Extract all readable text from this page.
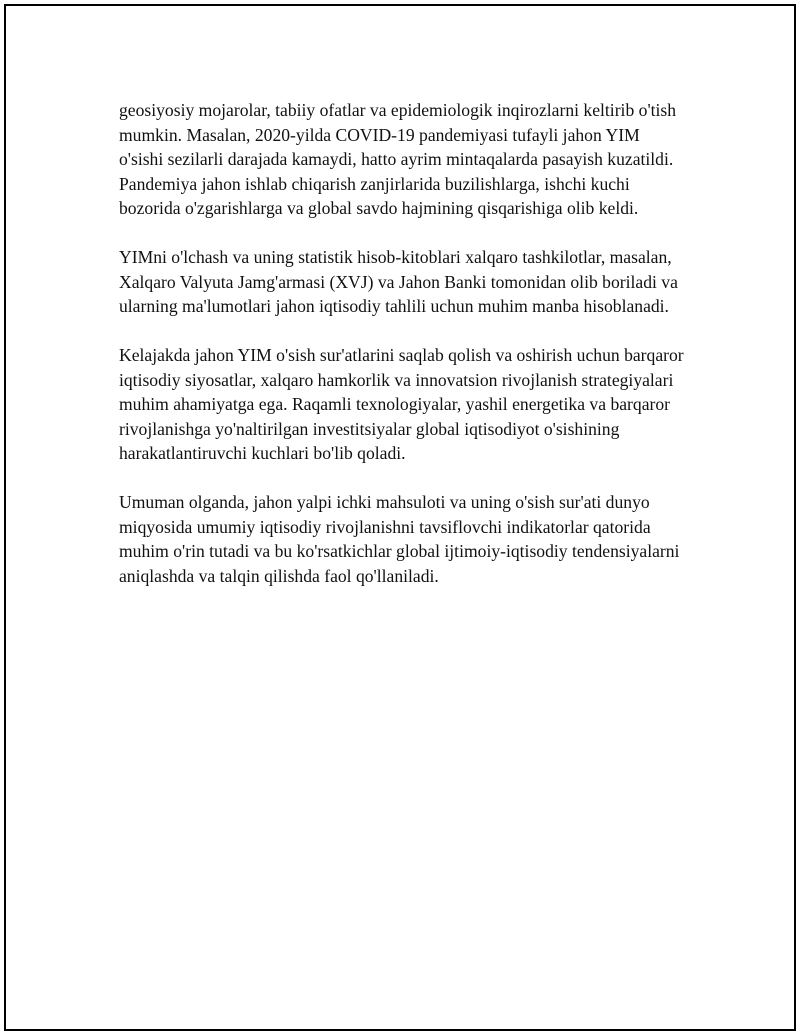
geosiyosiy mojarolar, tabiiy ofatlar va epidemiologik inqirozlarni keltirib o'tish mumkin. Masalan, 2020-yilda COVID-19 pandemiyasi tufayli jahon YIM o'sishi sezilarli darajada kamaydi, hatto ayrim mintaqalarda pasayish kuzatildi. Pandemiya jahon ishlab chiqarish zanjirlarida buzilishlarga, ishchi kuchi bozorida o'zgarishlarga va global savdo hajmining qisqarishiga olib keldi.

YIMni o'lchash va uning statistik hisob-kitoblari xalqaro tashkilotlar, masalan, Xalqaro Valyuta Jamg'armasi (XVJ) va Jahon Banki tomonidan olib boriladi va ularning ma'lumotlari jahon iqtisodiy tahlili uchun muhim manba hisoblanadi.

Kelajakda jahon YIM o'sish sur'atlarini saqlab qolish va oshirish uchun barqaror iqtisodiy siyosatlar, xalqaro hamkorlik va innovatsion rivojlanish strategiyalari muhim ahamiyatga ega. Raqamli texnologiyalar, yashil energetika va barqaror rivojlanishga yo'naltirilgan investitsiyalar global iqtisodiyot o'sishining harakatlantiruvchi kuchlari bo'lib qoladi.

Umuman olganda, jahon yalpi ichki mahsuloti va uning o'sish sur'ati dunyo miqyosida umumiy iqtisodiy rivojlanishni tavsiflovchi indikatorlar qatorida muhim o'rin tutadi va bu ko'rsatkichlar global ijtimoiy-iqtisodiy tendensiyalarni aniqlashda va talqin qilishda faol qo'llaniladi.
